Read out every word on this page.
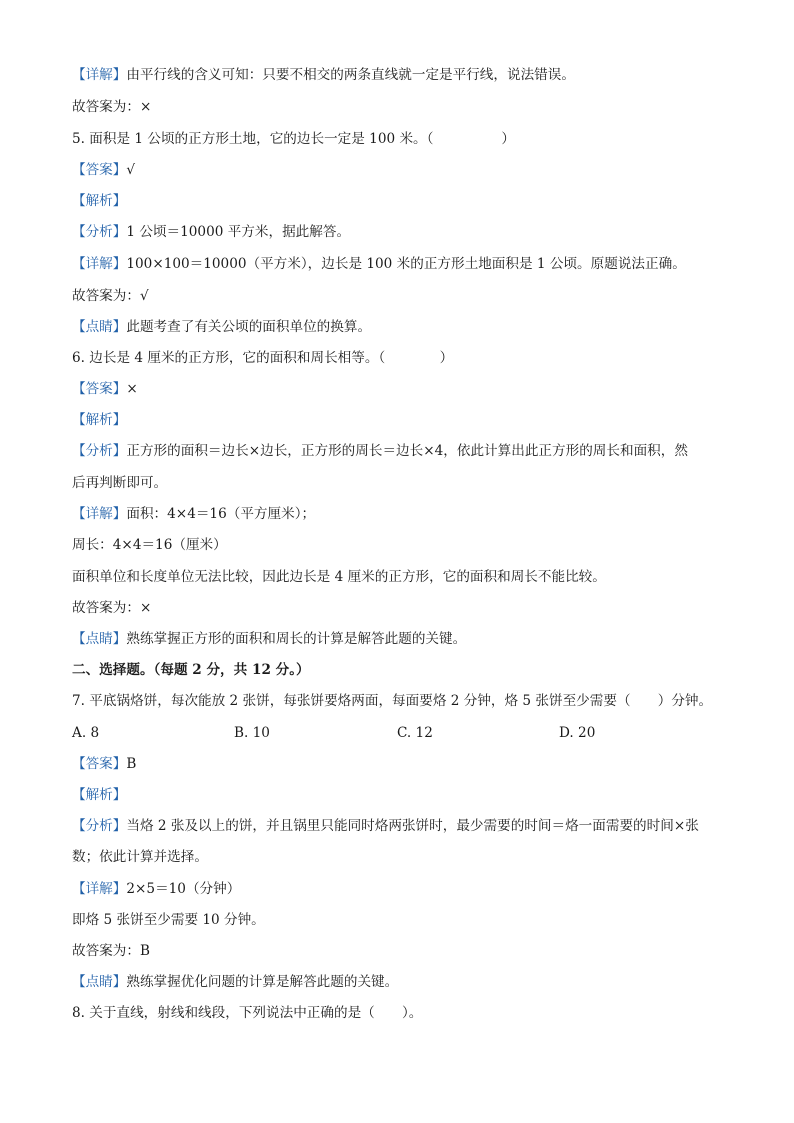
【详解】由平行线的含义可知：只要不相交的两条直线就一定是平行线，说法错误。
故答案为：×
5. 面积是 1 公顷的正方形土地，它的边长一定是 100 米。（　　　　　）
【答案】√
【解析】
【分析】1 公顷＝10000 平方米，据此解答。
【详解】100×100＝10000（平方米），边长是 100 米的正方形土地面积是 1 公顷。原题说法正确。
故答案为：√
【点睛】此题考查了有关公顷的面积单位的换算。
6. 边长是 4 厘米的正方形，它的面积和周长相等。（　　　　）
【答案】×
【解析】
【分析】正方形的面积＝边长×边长，正方形的周长＝边长×4，依此计算出此正方形的周长和面积，然
后再判断即可。
【详解】面积：4×4＝16（平方厘米）；
周长：4×4＝16（厘米）
面积单位和长度单位无法比较，因此边长是 4 厘米的正方形，它的面积和周长不能比较。
故答案为：×
【点睛】熟练掌握正方形的面积和周长的计算是解答此题的关键。
二、选择题。（每题 2 分，共 12 分。）
7. 平底锅烙饼，每次能放 2 张饼，每张饼要烙两面，每面要烙 2 分钟，烙 5 张饼至少需要（　　）分钟。
A. 8	B. 10	C. 12	D. 20
【答案】B
【解析】
【分析】当烙 2 张及以上的饼，并且锅里只能同时烙两张饼时，最少需要的时间＝烙一面需要的时间×张
数；依此计算并选择。
【详解】2×5＝10（分钟）
即烙 5 张饼至少需要 10 分钟。
故答案为：B
【点睛】熟练掌握优化问题的计算是解答此题的关键。
8. 关于直线，射线和线段，下列说法中正确的是（　　）。
